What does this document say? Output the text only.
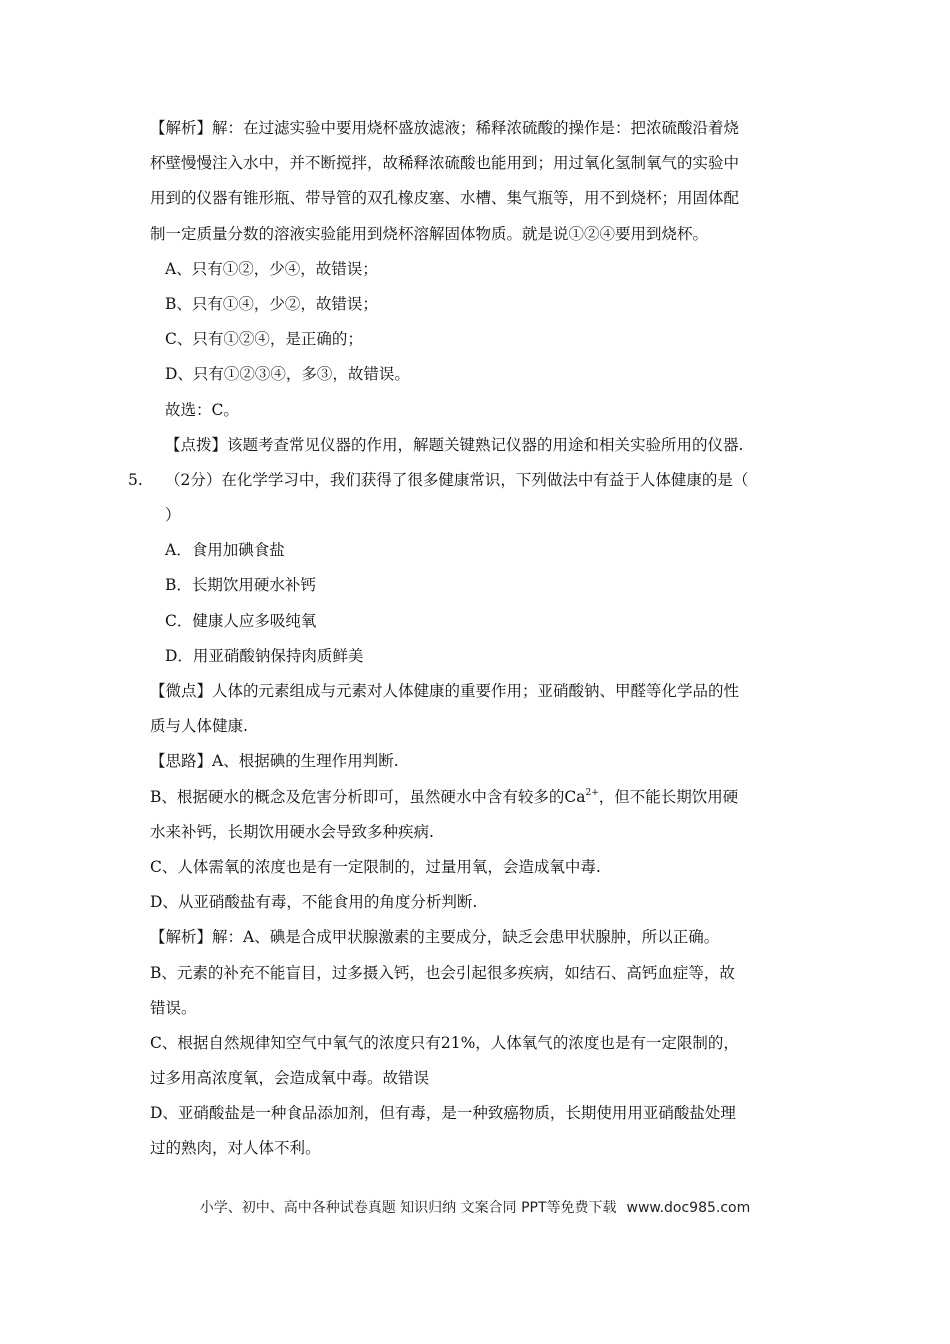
【解析】解：在过滤实验中要用烧杯盛放滤液；稀释浓硫酸的操作是：把浓硫酸沿着烧
杯壁慢慢注入水中，并不断搅拌，故稀释浓硫酸也能用到；用过氧化氢制氧气的实验中
用到的仪器有锥形瓶、带导管的双孔橡皮塞、水槽、集气瓶等，用不到烧杯；用固体配
制一定质量分数的溶液实验能用到烧杯溶解固体物质。就是说①②④要用到烧杯。
A、只有①②，少④，故错误；
B、只有①④，少②，故错误；
C、只有①②④，是正确的；
D、只有①②③④，多③，故错误。
故选：C。
【点拨】该题考查常见仪器的作用，解题关键熟记仪器的用途和相关实验所用的仪器.
5. （2分）在化学学习中，我们获得了很多健康常识，下列做法中有益于人体健康的是（
）
A．食用加碘食盐
B．长期饮用硬水补钙
C．健康人应多吸纯氧
D．用亚硝酸钠保持肉质鲜美
【微点】人体的元素组成与元素对人体健康的重要作用；亚硝酸钠、甲醛等化学品的性
质与人体健康.
【思路】A、根据碘的生理作用判断.
B、根据硬水的概念及危害分析即可，虽然硬水中含有较多的$Ca^{2+}$，但不能长期饮用硬
水来补钙，长期饮用硬水会导致多种疾病.
C、人体需氧的浓度也是有一定限制的，过量用氧，会造成氧中毒.
D、从亚硝酸盐有毒，不能食用的角度分析判断.
【解析】解：A、碘是合成甲状腺激素的主要成分，缺乏会患甲状腺肿，所以正确。
B、元素的补充不能盲目，过多摄入钙，也会引起很多疾病，如结石、高钙血症等，故
错误。
C、根据自然规律知空气中氧气的浓度只有21%，人体氧气的浓度也是有一定限制的，
过多用高浓度氧，会造成氧中毒。故错误
D、亚硝酸盐是一种食品添加剂，但有毒，是一种致癌物质，长期使用用亚硝酸盐处理
过的熟肉，对人体不利。
小学、初中、高中各种试卷真题 知识归纳 文案合同 PPT等免费下载 www.doc985.com
